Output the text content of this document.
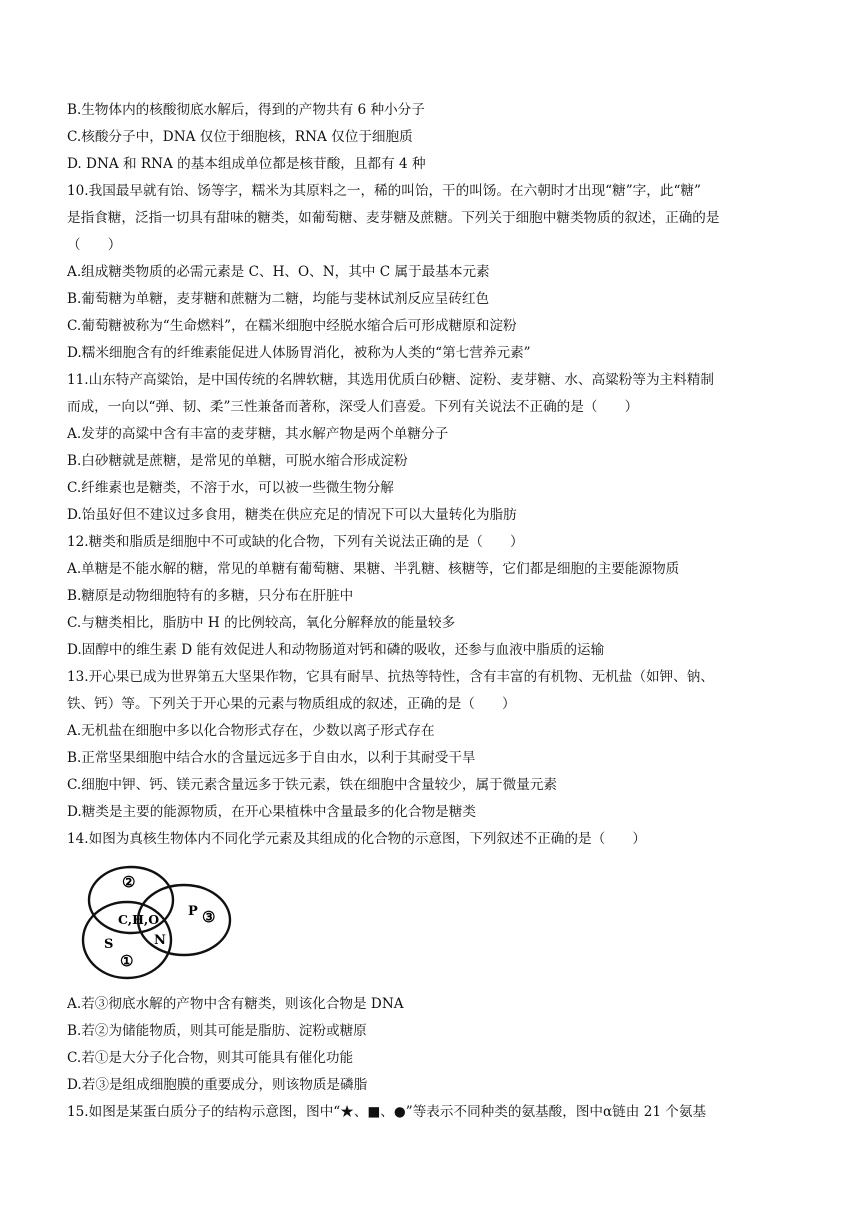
B.生物体内的核酸彻底水解后，得到的产物共有 6 种小分子
C.核酸分子中，DNA 仅位于细胞核，RNA 仅位于细胞质
D. DNA 和 RNA 的基本组成单位都是核苷酸，且都有 4 种
10.我国最早就有饴、饧等字，糯米为其原料之一，稀的叫饴，干的叫饧。在六朝时才出现“糖”字，此“糖”
是指食糖，泛指一切具有甜味的糖类，如葡萄糖、麦芽糖及蔗糖。下列关于细胞中糖类物质的叙述，正确的是
（　　）
A.组成糖类物质的必需元素是 C、H、O、N，其中 C 属于最基本元素
B.葡萄糖为单糖，麦芽糖和蔗糖为二糖，均能与斐林试剂反应呈砖红色
C.葡萄糖被称为“生命燃料”，在糯米细胞中经脱水缩合后可形成糖原和淀粉
D.糯米细胞含有的纤维素能促进人体肠胃消化，被称为人类的“第七营养元素”
11.山东特产高粱饴，是中国传统的名牌软糖，其选用优质白砂糖、淀粉、麦芽糖、水、高粱粉等为主料精制
而成，一向以“弹、韧、柔”三性兼备而著称，深受人们喜爱。下列有关说法不正确的是（　　）
A.发芽的高粱中含有丰富的麦芽糖，其水解产物是两个单糖分子
B.白砂糖就是蔗糖，是常见的单糖，可脱水缩合形成淀粉
C.纤维素也是糖类，不溶于水，可以被一些微生物分解
D.饴虽好但不建议过多食用，糖类在供应充足的情况下可以大量转化为脂肪
12.糖类和脂质是细胞中不可或缺的化合物，下列有关说法正确的是（　　）
A.单糖是不能水解的糖，常见的单糖有葡萄糖、果糖、半乳糖、核糖等，它们都是细胞的主要能源物质
B.糖原是动物细胞特有的多糖，只分布在肝脏中
C.与糖类相比，脂肪中 H 的比例较高，氧化分解释放的能量较多
D.固醇中的维生素 D 能有效促进人和动物肠道对钙和磷的吸收，还参与血液中脂质的运输
13.开心果已成为世界第五大坚果作物，它具有耐旱、抗热等特性，含有丰富的有机物、无机盐（如钾、钠、
铁、钙）等。下列关于开心果的元素与物质组成的叙述，正确的是（　　）
A.无机盐在细胞中多以化合物形式存在，少数以离子形式存在
B.正常坚果细胞中结合水的含量远远多于自由水，以利于其耐受干旱
C.细胞中钾、钙、镁元素含量远多于铁元素，铁在细胞中含量较少，属于微量元素
D.糖类是主要的能源物质，在开心果植株中含量最多的化合物是糖类
14.如图为真核生物体内不同化学元素及其组成的化合物的示意图，下列叙述不正确的是（　　）
②
C,H,O
P ③
S	N
①
A.若③彻底水解的产物中含有糖类，则该化合物是 DNA
B.若②为储能物质，则其可能是脂肪、淀粉或糖原
C.若①是大分子化合物，则其可能具有催化功能
D.若③是组成细胞膜的重要成分，则该物质是磷脂
15.如图是某蛋白质分子的结构示意图，图中“★、■、●”等表示不同种类的氨基酸，图中α链由 21 个氨基
